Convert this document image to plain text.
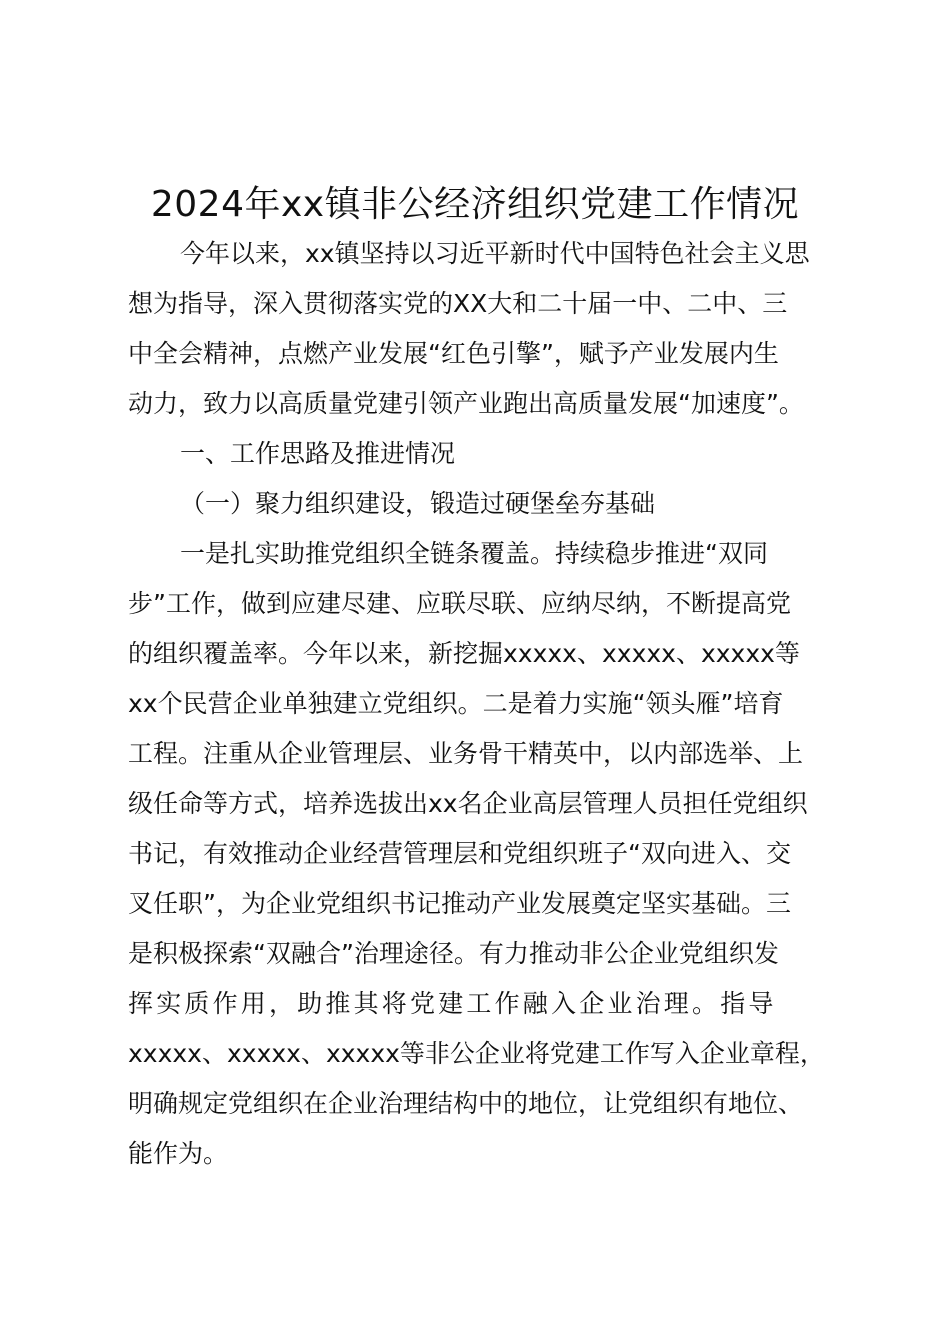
2024年xx镇非公经济组织党建工作情况
今年以来，xx镇坚持以习近平新时代中国特色社会主义思
想为指导，深入贯彻落实党的XX大和二十届一中、二中、三
中全会精神，点燃产业发展“红色引擎”，赋予产业发展内生
动力，致力以高质量党建引领产业跑出高质量发展“加速度”。
一、工作思路及推进情况
（一）聚力组织建设，锻造过硬堡垒夯基础
一是扎实助推党组织全链条覆盖。持续稳步推进“双同
步”工作，做到应建尽建、应联尽联、应纳尽纳，不断提高党
的组织覆盖率。今年以来，新挖掘xxxxx、xxxxx、xxxxx等
xx个民营企业单独建立党组织。二是着力实施“领头雁”培育
工程。注重从企业管理层、业务骨干精英中，以内部选举、上
级任命等方式，培养选拔出xx名企业高层管理人员担任党组织
书记，有效推动企业经营管理层和党组织班子“双向进入、交
叉任职”，为企业党组织书记推动产业发展奠定坚实基础。三
是积极探索“双融合”治理途径。有力推动非公企业党组织发
挥实质作用，助推其将党建工作融入企业治理。指导
xxxxx、xxxxx、xxxxx等非公企业将党建工作写入企业章程，
明确规定党组织在企业治理结构中的地位，让党组织有地位、
能作为。
